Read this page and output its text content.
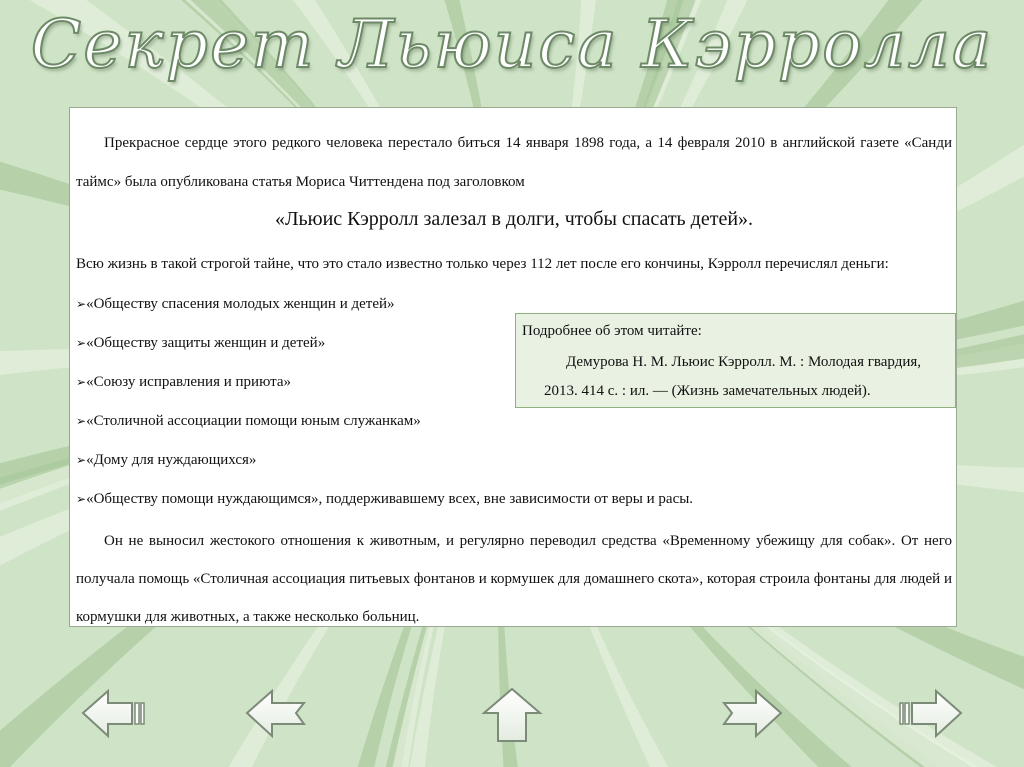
Секрет Льюиса Кэрролла
Прекрасное сердце этого редкого человека перестало биться 14 января 1898 года, а 14 февраля 2010 в английской газете «Санди таймс» была опубликована статья Мориса Читтендена под заголовком
«Льюис Кэрролл залезал в долги, чтобы спасать детей».
Всю жизнь в такой строгой тайне, что это стало известно только через 112 лет после его кончины, Кэрролл перечислял деньги:
➢«Обществу спасения молодых женщин и детей»
➢«Обществу защиты женщин и детей»
➢«Союзу исправления и приюта»
➢«Столичной ассоциации помощи юным служанкам»
➢«Дому для нуждающихся»
➢«Обществу помощи нуждающимся», поддерживавшему всех, вне зависимости от веры и расы.
Он не выносил жестокого отношения к животным, и регулярно переводил средства «Временному убежищу для собак». От него получала помощь «Столичная ассоциация питьевых фонтанов и кормушек для домашнего скота», которая строила фонтаны для людей и кормушки для животных, а также несколько больниц.
Подробнее об этом читайте:
Демурова Н. М. Льюис Кэрролл. М. : Молодая гвардия,
2013. 414 с. : ил. — (Жизнь замечательных людей).
